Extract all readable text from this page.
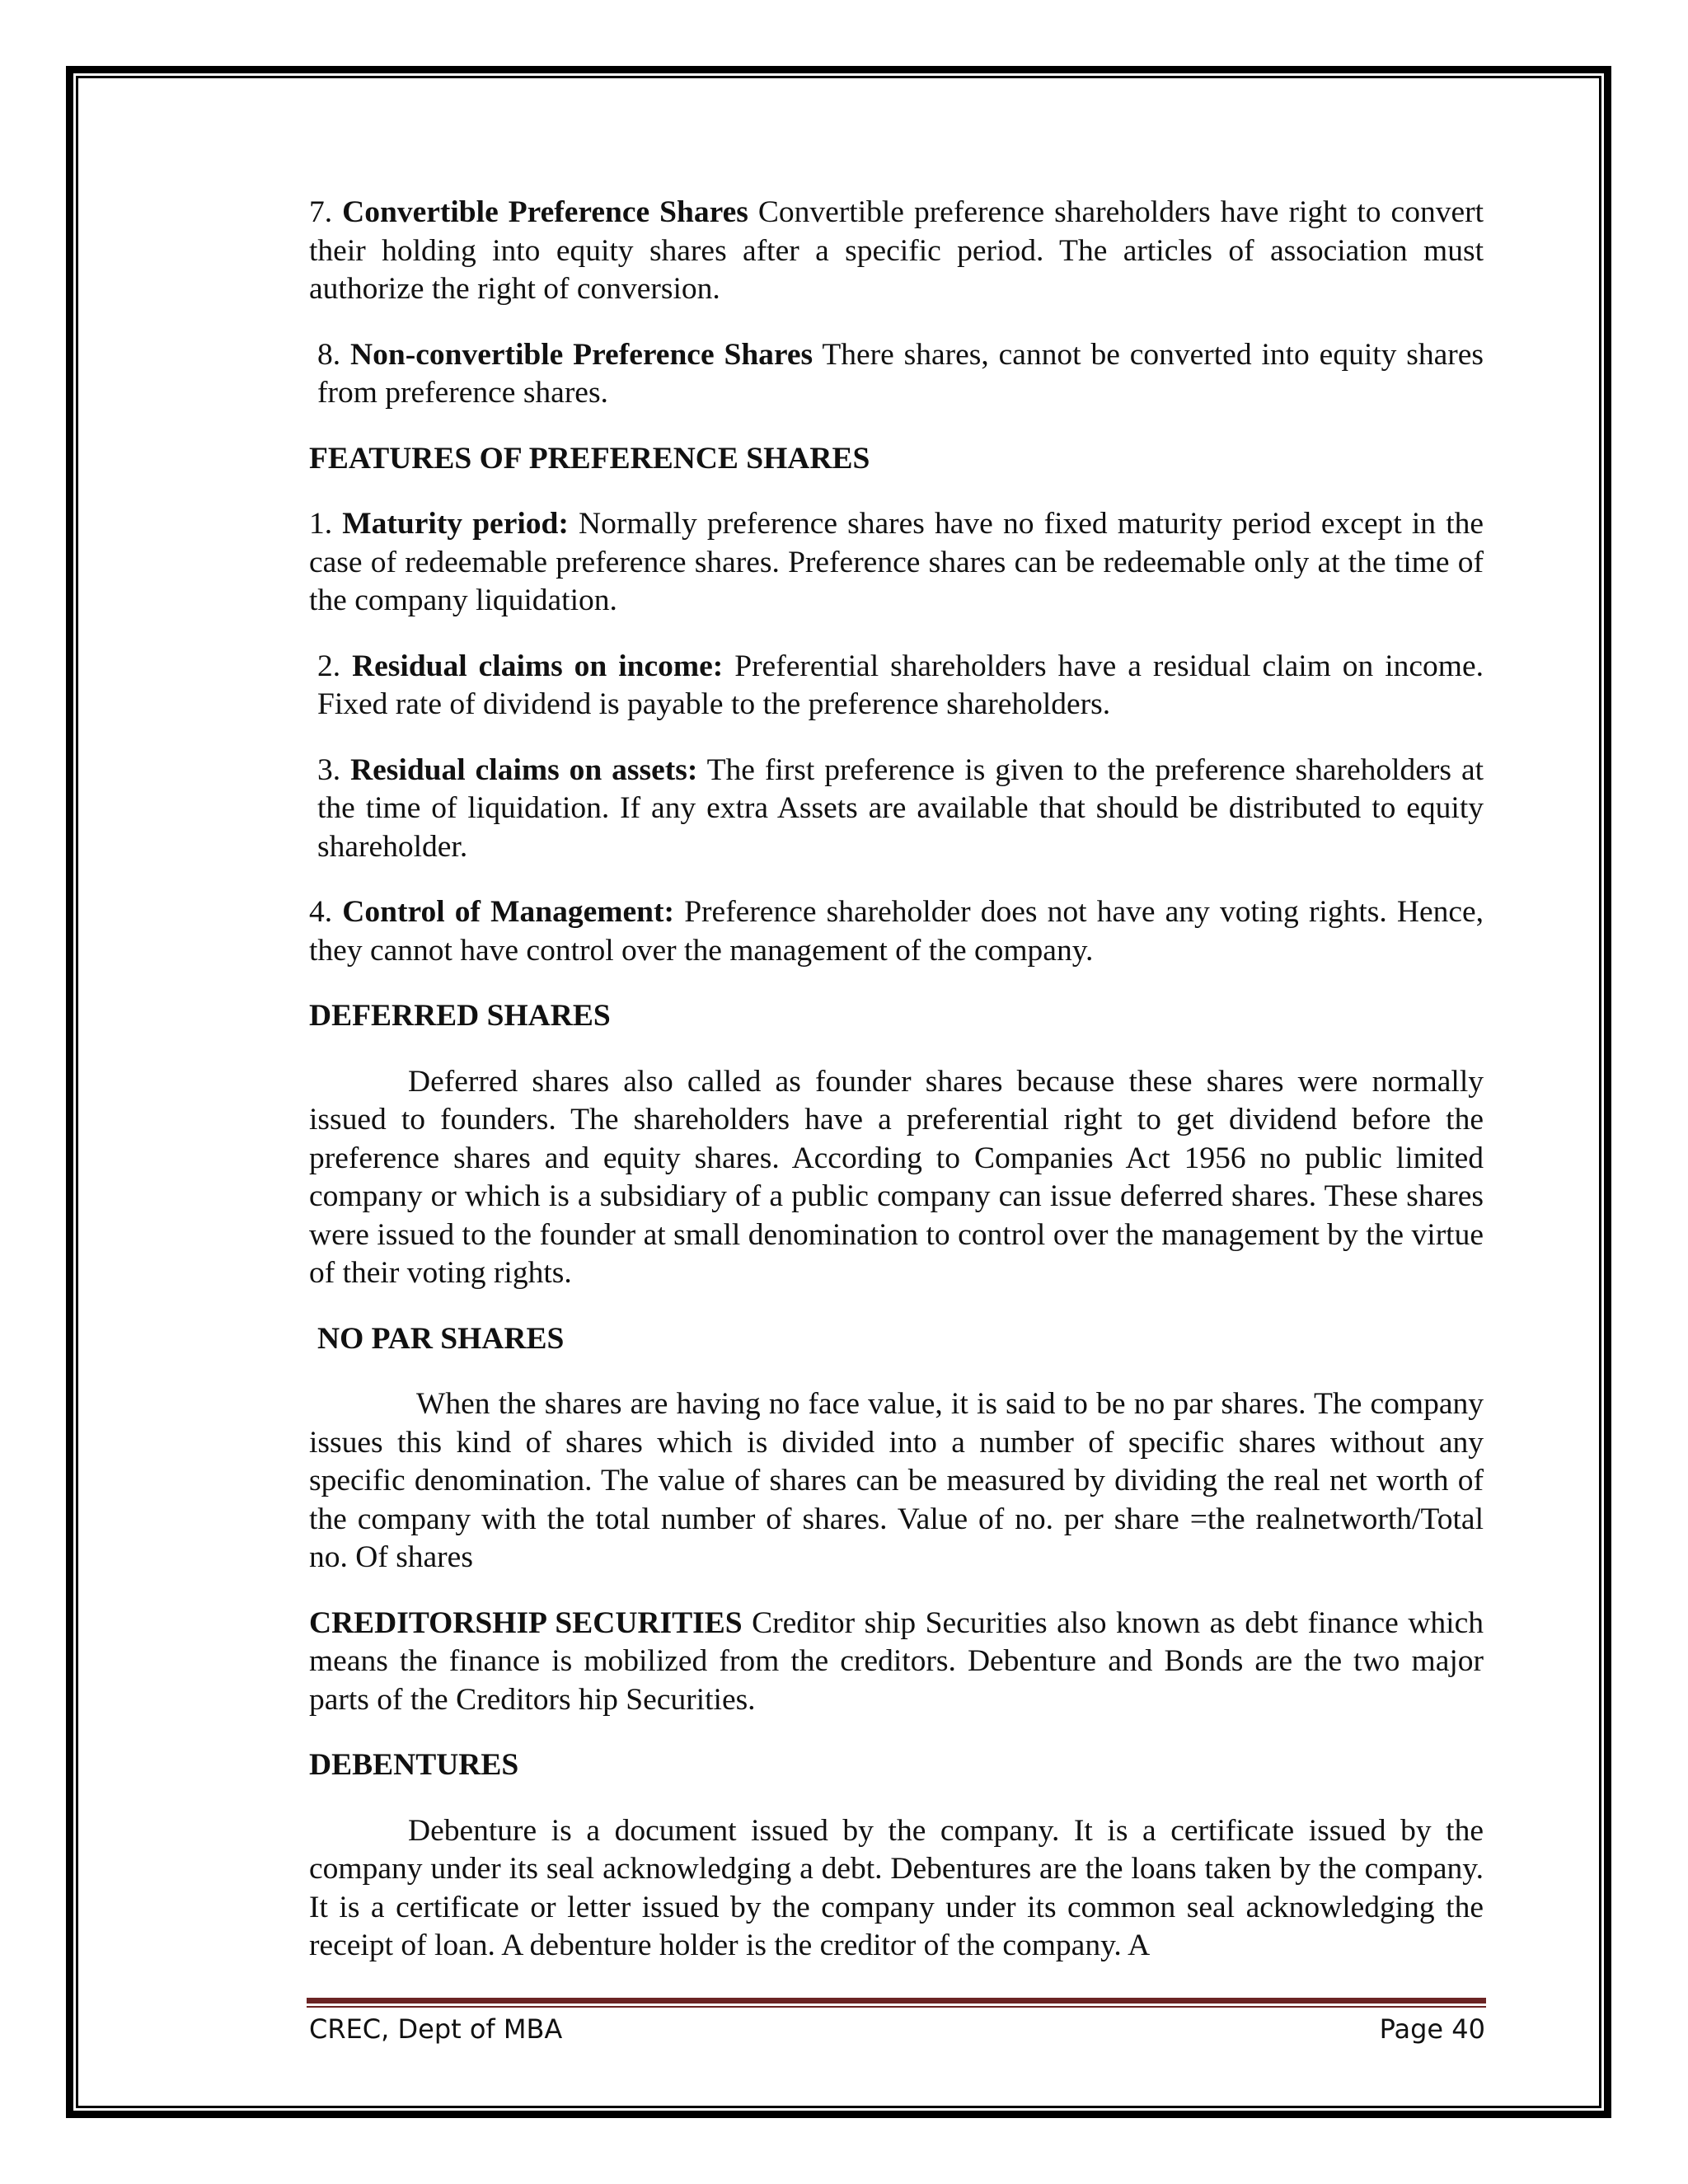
7. Convertible Preference Shares Convertible preference shareholders have right to convert their holding into equity shares after a specific period. The articles of association must authorize the right of conversion.

8. Non-convertible Preference Shares There shares, cannot be converted into equity shares from preference shares.

FEATURES OF PREFERENCE SHARES

1. Maturity period: Normally preference shares have no fixed maturity period except in the case of redeemable preference shares. Preference shares can be redeemable only at the time of the company liquidation.

2. Residual claims on income: Preferential shareholders have a residual claim on income. Fixed rate of dividend is payable to the preference shareholders.

3. Residual claims on assets: The first preference is given to the preference shareholders at the time of liquidation. If any extra Assets are available that should be distributed to equity shareholder.

4. Control of Management: Preference shareholder does not have any voting rights. Hence, they cannot have control over the management of the company.

DEFERRED SHARES

Deferred shares also called as founder shares because these shares were normally issued to founders. The shareholders have a preferential right to get dividend before the preference shares and equity shares. According to Companies Act 1956 no public limited company or which is a subsidiary of a public company can issue deferred shares. These shares were issued to the founder at small denomination to control over the management by the virtue of their voting rights.

NO PAR SHARES

When the shares are having no face value, it is said to be no par shares. The company issues this kind of shares which is divided into a number of specific shares without any specific denomination. The value of shares can be measured by dividing the real net worth of the company with the total number of shares. Value of no. per share =the realnetworth/Total no. Of shares

CREDITORSHIP SECURITIES Creditor ship Securities also known as debt finance which means the finance is mobilized from the creditors. Debenture and Bonds are the two major parts of the Creditors hip Securities.

DEBENTURES

Debenture is a document issued by the company. It is a certificate issued by the company under its seal acknowledging a debt. Debentures are the loans taken by the company. It is a certificate or letter issued by the company under its common seal acknowledging the receipt of loan. A debenture holder is the creditor of the company. A

CREC, Dept of MBA	Page 40
